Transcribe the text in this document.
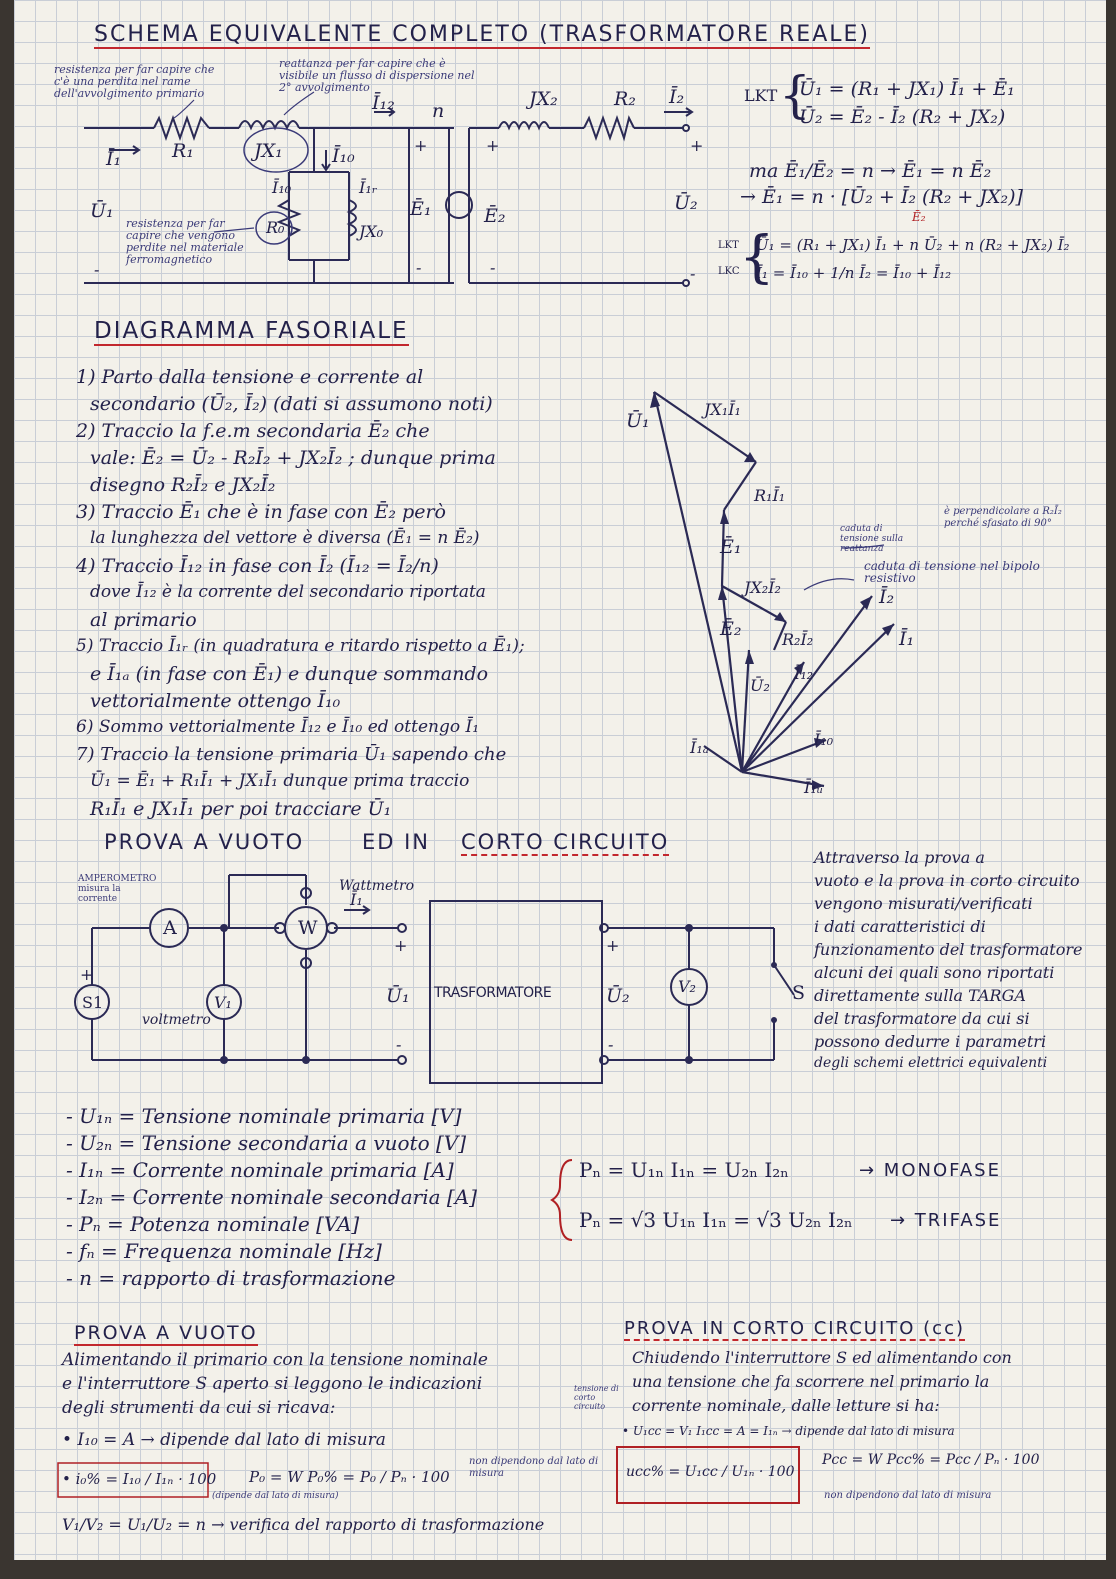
SCHEMA EQUIVALENTE COMPLETO (TRASFORMATORE REALE)
resistenza per far capire che c'è una perdita nel rame dell'avvolgimento primario
reattanza per far capire che è visibile un flusso di dispersione nel 2° avvolgimento
resistenza per far capire che vengono perdite nel materiale ferromagnetico
R₁	JX₁
Ī₁
Ū₁
Ī₁₀
Ī₁₂ n
Ī₁₀	Ī₁ᵣ
R₀	JX₀
Ē₁	Ē₂
JX₂	R₂ Ī₂
Ū₂
+	+	+
-	-	-
-
{
LKT Ū₁ = (R₁ + JX₁) Ī₁ + Ē₁
Ū₂ = Ē₂ - Ī₂ (R₂ + JX₂)
ma Ē₁/Ē₂ = n → Ē₁ = n Ē₂
→ Ē₁ = n · [Ū₂ + Ī₂ (R₂ + JX₂)]
Ē₂
{
LKT
LKC
Ū₁ = (R₁ + JX₁) Ī₁ + n Ū₂ + n (R₂ + JX₂) Ī₂
Ī₁ = Ī₁₀ + 1/n Ī₂ = Ī₁₀ + Ī₁₂
DIAGRAMMA FASORIALE
1) Parto dalla tensione e corrente al
secondario (Ū₂, Ī₂) (dati si assumono noti)
2) Traccio la f.e.m secondaria Ē₂ che
vale: Ē₂ = Ū₂ - R₂Ī₂ + JX₂Ī₂ ; dunque prima
disegno R₂Ī₂ e JX₂Ī₂
3) Traccio Ē₁ che è in fase con Ē₂ però
la lunghezza del vettore è diversa (Ē₁ = n Ē₂)
4) Traccio Ī₁₂ in fase con Ī₂ (Ī₁₂ = Ī₂/n)
dove Ī₁₂ è la corrente del secondario riportata
al primario
5) Traccio Ī₁ᵣ (in quadratura e ritardo rispetto a Ē₁);
e Ī₁ₐ (in fase con Ē₁) e dunque sommando
vettorialmente ottengo Ī₁₀
6) Sommo vettorialmente Ī₁₂ e Ī₁₀ ed ottengo Ī₁
7) Traccio la tensione primaria Ū₁ sapendo che
Ū₁ = Ē₁ + R₁Ī₁ + JX₁Ī₁ dunque prima traccio
R₁Ī₁ e JX₁Ī₁ per poi tracciare Ū₁
Ū₁
JX₁Ī₁
R₁Ī₁
Ē₁
JX₂Ī₂
Ē₂	R₂Ī₂
Ū₂
Ī₁₂
Ī₂
Ī₁
Ī₁₀
Ī₁ₐ
Ī₁ᵤ
caduta di tensione sulla reattanza
è perpendicolare a R₂Ī₂ perché sfasato di 90°
caduta di tensione nel bipolo resistivo
PROVA A VUOTO	ED IN CORTO CIRCUITO
AMPEROMETRO misura la corrente
Wattmetro
voltmetro
A	W
V₁
S1
V₂
Ī₁
Ū₁	Ū₂
+
-
+
-
+
S
TRASFORMATORE
Attraverso la prova a
vuoto e la prova in corto circuito
vengono misurati/verificati
i dati caratteristici di
funzionamento del trasformatore
alcuni dei quali sono riportati
direttamente sulla TARGA
del trasformatore da cui si
possono dedurre i parametri
degli schemi elettrici equivalenti
- U₁ₙ = Tensione nominale primaria [V]
- U₂ₙ = Tensione secondaria a vuoto [V]
- I₁ₙ = Corrente nominale primaria [A]
- I₂ₙ = Corrente nominale secondaria [A]
- Pₙ = Potenza nominale [VA]
- fₙ = Frequenza nominale [Hz]
- n = rapporto di trasformazione
Pₙ = U₁ₙ I₁ₙ = U₂ₙ I₂ₙ	→ MONOFASE
Pₙ = √3 U₁ₙ I₁ₙ = √3 U₂ₙ I₂ₙ → TRIFASE
PROVA A VUOTO
Alimentando il primario con la tensione nominale
e l'interruttore S aperto si leggono le indicazioni
degli strumenti da cui si ricava:
• I₁₀ = A → dipende dal lato di misura
• i₀% = I₁₀ / I₁ₙ · 100
(dipende dal lato di misura)
P₀ = W P₀% = P₀ / Pₙ · 100
non dipendono dal lato di misura
V₁/V₂ = U₁/U₂ = n → verifica del rapporto di trasformazione
PROVA IN CORTO CIRCUITO (cc)
Chiudendo l'interruttore S ed alimentando con
una tensione che fa scorrere nel primario la
corrente nominale, dalle letture si ha:
tensione di corto circuito
• U₁cc = V₁ I₁cc = A = I₁ₙ → dipende dal lato di misura
ucc% = U₁cc / U₁ₙ · 100
Pcc = W Pcc% = Pcc / Pₙ · 100
non dipendono dal lato di misura
